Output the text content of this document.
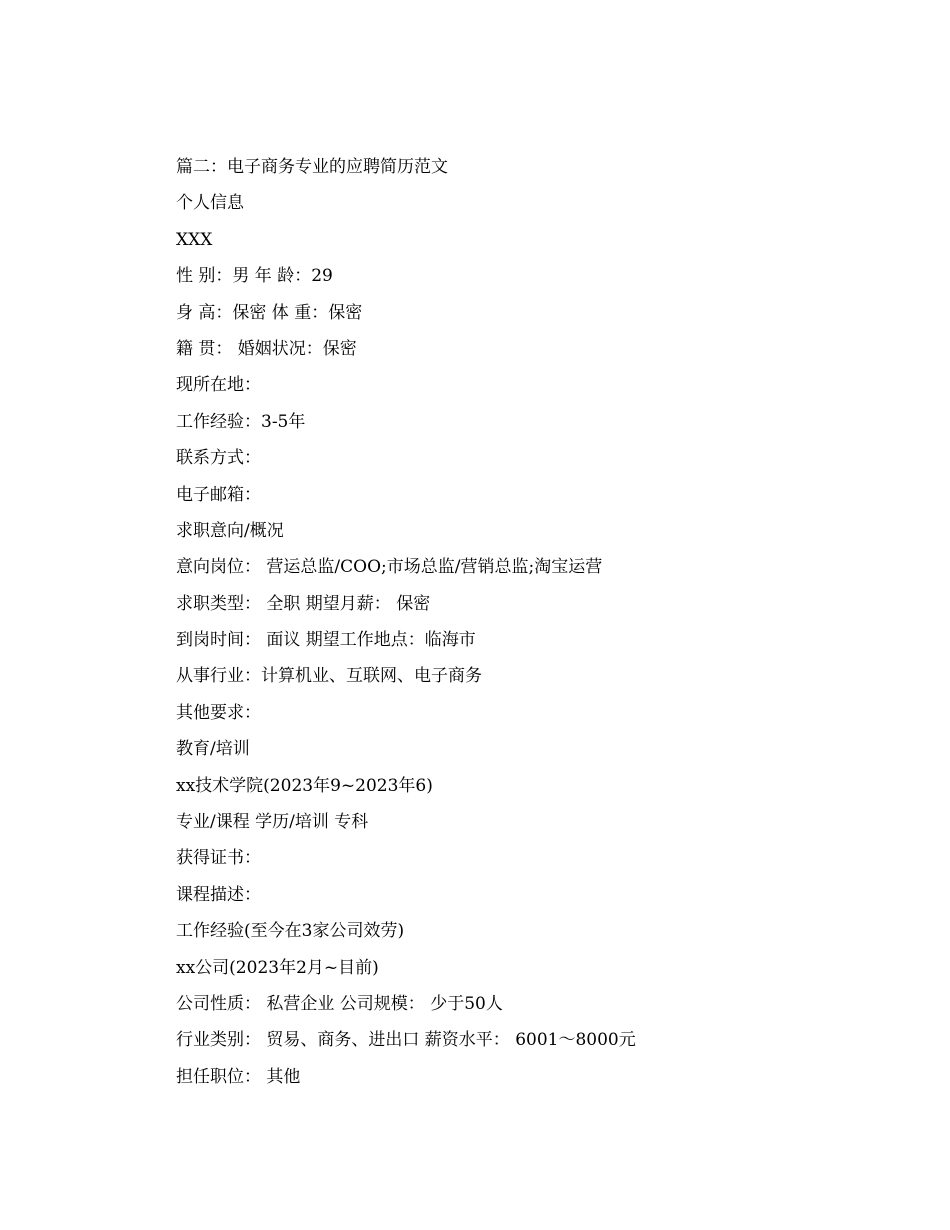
篇二：电子商务专业的应聘简历范文
个人信息
XXX
性 别：男 年 龄：29
身 高：保密 体 重：保密
籍 贯： 婚姻状况：保密
现所在地：
工作经验：3-5年
联系方式：
电子邮箱：
求职意向/概况
意向岗位： 营运总监/COO;市场总监/营销总监;淘宝运营
求职类型： 全职 期望月薪： 保密
到岗时间： 面议 期望工作地点：临海市
从事行业：计算机业、互联网、电子商务
其他要求：
教育/培训
xx技术学院(2023年9~2023年6)
专业/课程 学历/培训 专科
获得证书：
课程描述：
工作经验(至今在3家公司效劳)
xx公司(2023年2月~目前)
公司性质： 私营企业 公司规模： 少于50人
行业类别： 贸易、商务、进出口 薪资水平： 6001～8000元
担任职位： 其他
